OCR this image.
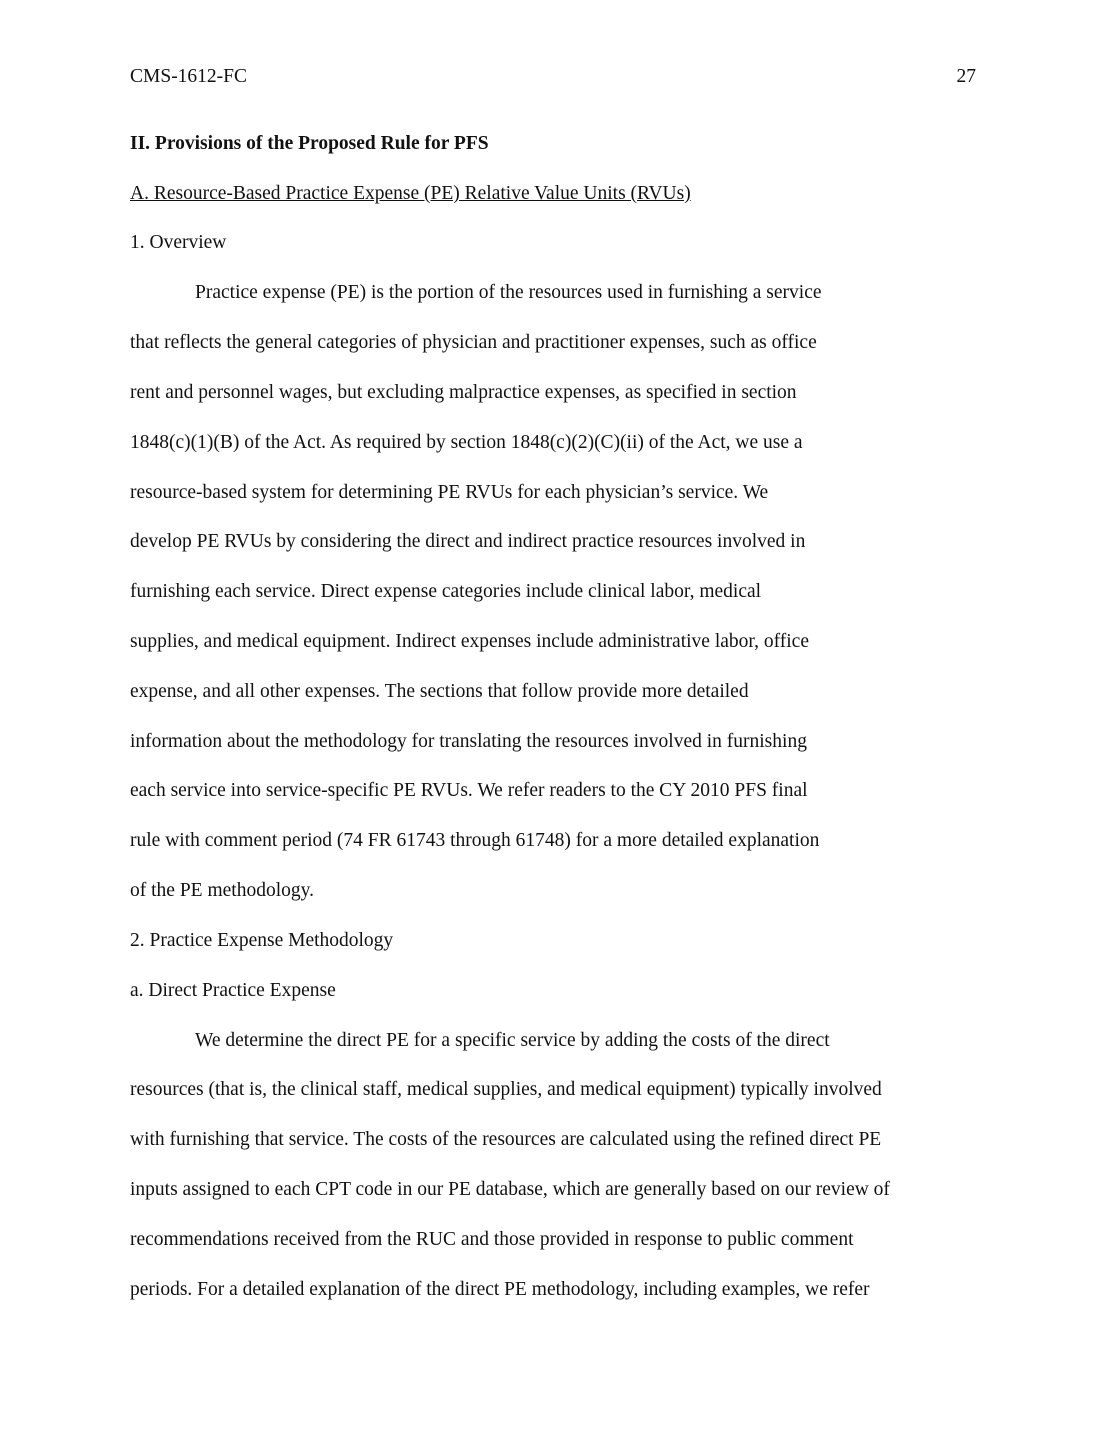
CMS-1612-FC	27
II. Provisions of the Proposed Rule for PFS
A. Resource-Based Practice Expense (PE) Relative Value Units (RVUs)
1. Overview
Practice expense (PE) is the portion of the resources used in furnishing a service
that reflects the general categories of physician and practitioner expenses, such as office
rent and personnel wages, but excluding malpractice expenses, as specified in section
1848(c)(1)(B) of the Act. As required by section 1848(c)(2)(C)(ii) of the Act, we use a
resource-based system for determining PE RVUs for each physician’s service. We
develop PE RVUs by considering the direct and indirect practice resources involved in
furnishing each service. Direct expense categories include clinical labor, medical
supplies, and medical equipment. Indirect expenses include administrative labor, office
expense, and all other expenses. The sections that follow provide more detailed
information about the methodology for translating the resources involved in furnishing
each service into service-specific PE RVUs. We refer readers to the CY 2010 PFS final
rule with comment period (74 FR 61743 through 61748) for a more detailed explanation
of the PE methodology.
2. Practice Expense Methodology
a. Direct Practice Expense
We determine the direct PE for a specific service by adding the costs of the direct
resources (that is, the clinical staff, medical supplies, and medical equipment) typically involved
with furnishing that service. The costs of the resources are calculated using the refined direct PE
inputs assigned to each CPT code in our PE database, which are generally based on our review of
recommendations received from the RUC and those provided in response to public comment
periods. For a detailed explanation of the direct PE methodology, including examples, we refer
